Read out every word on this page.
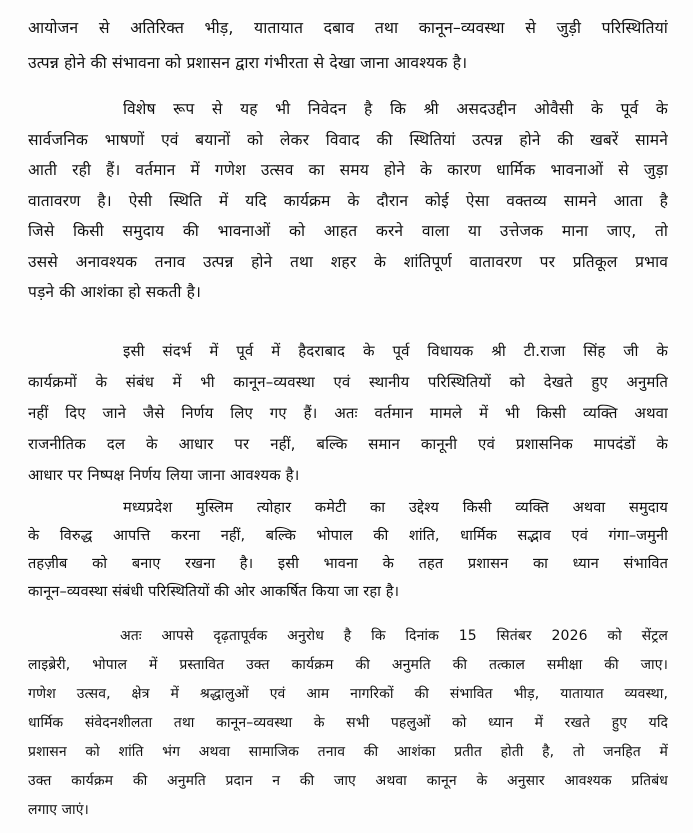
आयोजन से अतिरिक्त भीड़, यातायात दबाव तथा कानून–व्यवस्था से जुड़ी परिस्थितियां
उत्पन्न होने की संभावना को प्रशासन द्वारा गंभीरता से देखा जाना आवश्यक है।
विशेष रूप से यह भी निवेदन है कि श्री असदउद्दीन ओवैसी के पूर्व के
सार्वजनिक भाषणों एवं बयानों को लेकर विवाद की स्थितियां उत्पन्न होने की खबरें सामने
आती रही हैं। वर्तमान में गणेश उत्सव का समय होने के कारण धार्मिक भावनाओं से जुड़ा
वातावरण है। ऐसी स्थिति में यदि कार्यक्रम के दौरान कोई ऐसा वक्तव्य सामने आता है
जिसे किसी समुदाय की भावनाओं को आहत करने वाला या उत्तेजक माना जाए, तो
उससे अनावश्यक तनाव उत्पन्न होने तथा शहर के शांतिपूर्ण वातावरण पर प्रतिकूल प्रभाव
पड़ने की आशंका हो सकती है।
इसी संदर्भ में पूर्व में हैदराबाद के पूर्व विधायक श्री टी.राजा सिंह जी के
कार्यक्रमों के संबंध में भी कानून–व्यवस्था एवं स्थानीय परिस्थितियों को देखते हुए अनुमति
नहीं दिए जाने जैसे निर्णय लिए गए हैं। अतः वर्तमान मामले में भी किसी व्यक्ति अथवा
राजनीतिक दल के आधार पर नहीं, बल्कि समान कानूनी एवं प्रशासनिक मापदंडों के
आधार पर निष्पक्ष निर्णय लिया जाना आवश्यक है।
मध्यप्रदेश मुस्लिम त्योहार कमेटी का उद्देश्य किसी व्यक्ति अथवा समुदाय
के विरुद्ध आपत्ति करना नहीं, बल्कि भोपाल की शांति, धार्मिक सद्भाव एवं गंगा–जमुनी
तहज़ीब को बनाए रखना है। इसी भावना के तहत प्रशासन का ध्यान संभावित
कानून–व्यवस्था संबंधी परिस्थितियों की ओर आकर्षित किया जा रहा है।
अतः आपसे दृढ़तापूर्वक अनुरोध है कि दिनांक 15 सितंबर 2026 को सेंट्रल
लाइब्रेरी, भोपाल में प्रस्तावित उक्त कार्यक्रम की अनुमति की तत्काल समीक्षा की जाए।
गणेश उत्सव, क्षेत्र में श्रद्धालुओं एवं आम नागरिकों की संभावित भीड़, यातायात व्यवस्था,
धार्मिक संवेदनशीलता तथा कानून–व्यवस्था के सभी पहलुओं को ध्यान में रखते हुए यदि
प्रशासन को शांति भंग अथवा सामाजिक तनाव की आशंका प्रतीत होती है, तो जनहित में
उक्त कार्यक्रम की अनुमति प्रदान न की जाए अथवा कानून के अनुसार आवश्यक प्रतिबंध
लगाए जाएं।
